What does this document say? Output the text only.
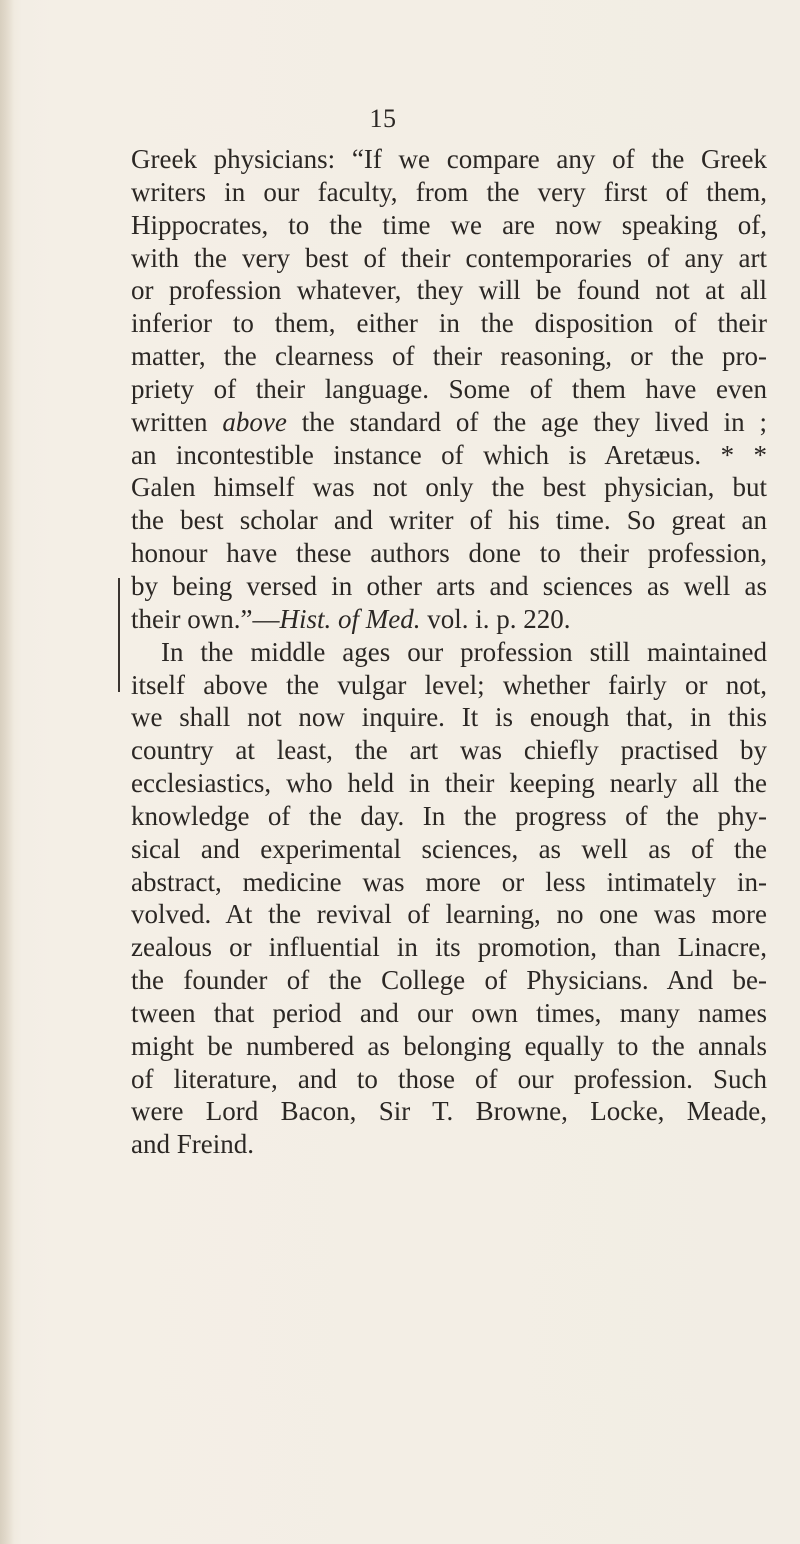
15
Greek physicians: “If we compare any of the Greek
writers in our faculty, from the very first of them,
Hippocrates, to the time we are now speaking of,
with the very best of their contemporaries of any art
or profession whatever, they will be found not at all
inferior to them, either in the disposition of their
matter, the clearness of their reasoning, or the pro-
priety of their language. Some of them have even
written above the standard of the age they lived in ;
an incontestible instance of which is Aretæus. * *
Galen himself was not only the best physician, but
the best scholar and writer of his time. So great an
honour have these authors done to their profession,
by being versed in other arts and sciences as well as
their own.”—Hist. of Med. vol. i. p. 220.
In the middle ages our profession still maintained
itself above the vulgar level; whether fairly or not,
we shall not now inquire. It is enough that, in this
country at least, the art was chiefly practised by
ecclesiastics, who held in their keeping nearly all the
knowledge of the day. In the progress of the phy-
sical and experimental sciences, as well as of the
abstract, medicine was more or less intimately in-
volved. At the revival of learning, no one was more
zealous or influential in its promotion, than Linacre,
the founder of the College of Physicians. And be-
tween that period and our own times, many names
might be numbered as belonging equally to the annals
of literature, and to those of our profession. Such
were Lord Bacon, Sir T. Browne, Locke, Meade,
and Freind.
